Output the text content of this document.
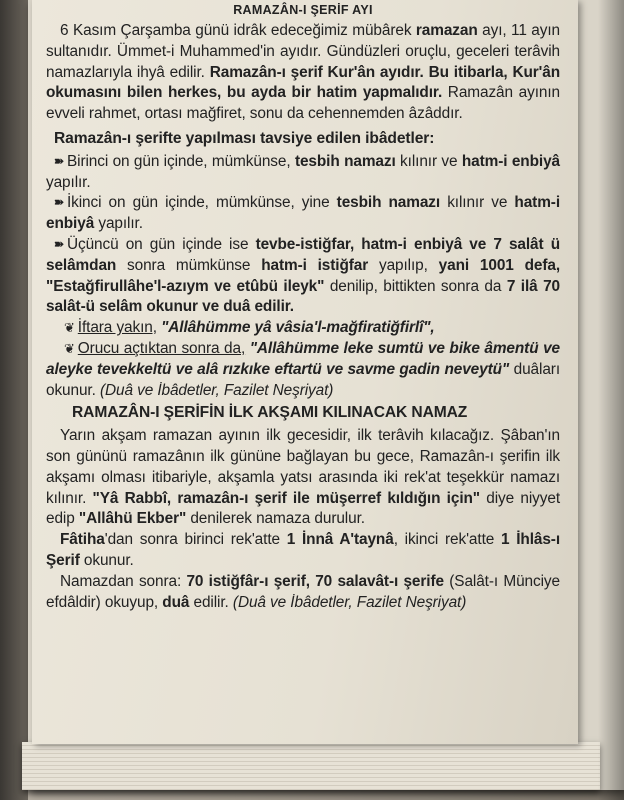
RAMAZÂN-I ŞERİF AYI

6 Kasım Çarşamba günü idrâk edeceğimiz mübârek ramazan ayı, 11 ayın sultanıdır. Ümmet-i Muhammed'in ayıdır. Gündüzleri oruçlu, geceleri terâvih namazlarıyla ihyâ edilir. Ramazân-ı şerif Kur'ân ayıdır. Bu itibarla, Kur'ân okumasını bilen herkes, bu ayda bir hatim yapmalıdır. Ramazân ayının evveli rahmet, ortası mağfiret, sonu da cehennemden âzâddır.

Ramazân-ı şerifte yapılması tavsiye edilen ibâdetler:

➽ Birinci on gün içinde, mümkünse, tesbih namazı kılınır ve hatm-i enbiyâ yapılır.

➽ İkinci on gün içinde, mümkünse, yine tesbih namazı kılınır ve hatm-i enbiyâ yapılır.

➽ Üçüncü on gün içinde ise tevbe-istiğfar, hatm-i enbiyâ ve 7 salât ü selâmdan sonra mümkünse hatm-i istiğfar yapılıp, yani 1001 defa, "Estağfirullâhe'l-azıym ve etûbü ileyk" denilip, bittikten sonra da 7 ilâ 70 salât-ü selâm okunur ve duâ edilir.

❦ İftara yakın, "Allâhümme yâ vâsia'l-mağfiratiğfirlî",

❦ Orucu açtıktan sonra da, "Allâhümme leke sumtü ve bike âmentü ve aleyke tevekkeltü ve alâ rızkıke eftartü ve savme gadin neveytü" duâları okunur. (Duâ ve İbâdetler, Fazilet Neşriyat)

RAMAZÂN-I ŞERİFİN İLK AKŞAMI KILINACAK NAMAZ

Yarın akşam ramazan ayının ilk gecesidir, ilk terâvih kılacağız. Şâban'ın son gününü ramazânın ilk gününe bağlayan bu gece, Ramazân-ı şerifin ilk akşamı olması itibariyle, akşamla yatsı arasında iki rek'at teşekkür namazı kılınır. "Yâ Rabbî, ramazân-ı şerif ile müşerref kıldığın için" diye niyyet edip "Allâhü Ekber" denilerek namaza durulur.

Fâtiha'dan sonra birinci rek'atte 1 İnnâ A'taynâ, ikinci rek'atte 1 İhlâs-ı Şerif okunur.

Namazdan sonra: 70 istiğfâr-ı şerif, 70 salavât-ı şerife (Salât-ı Münciye efdâldir) okuyup, duâ edilir. (Duâ ve İbâdetler, Fazilet Neşriyat)
